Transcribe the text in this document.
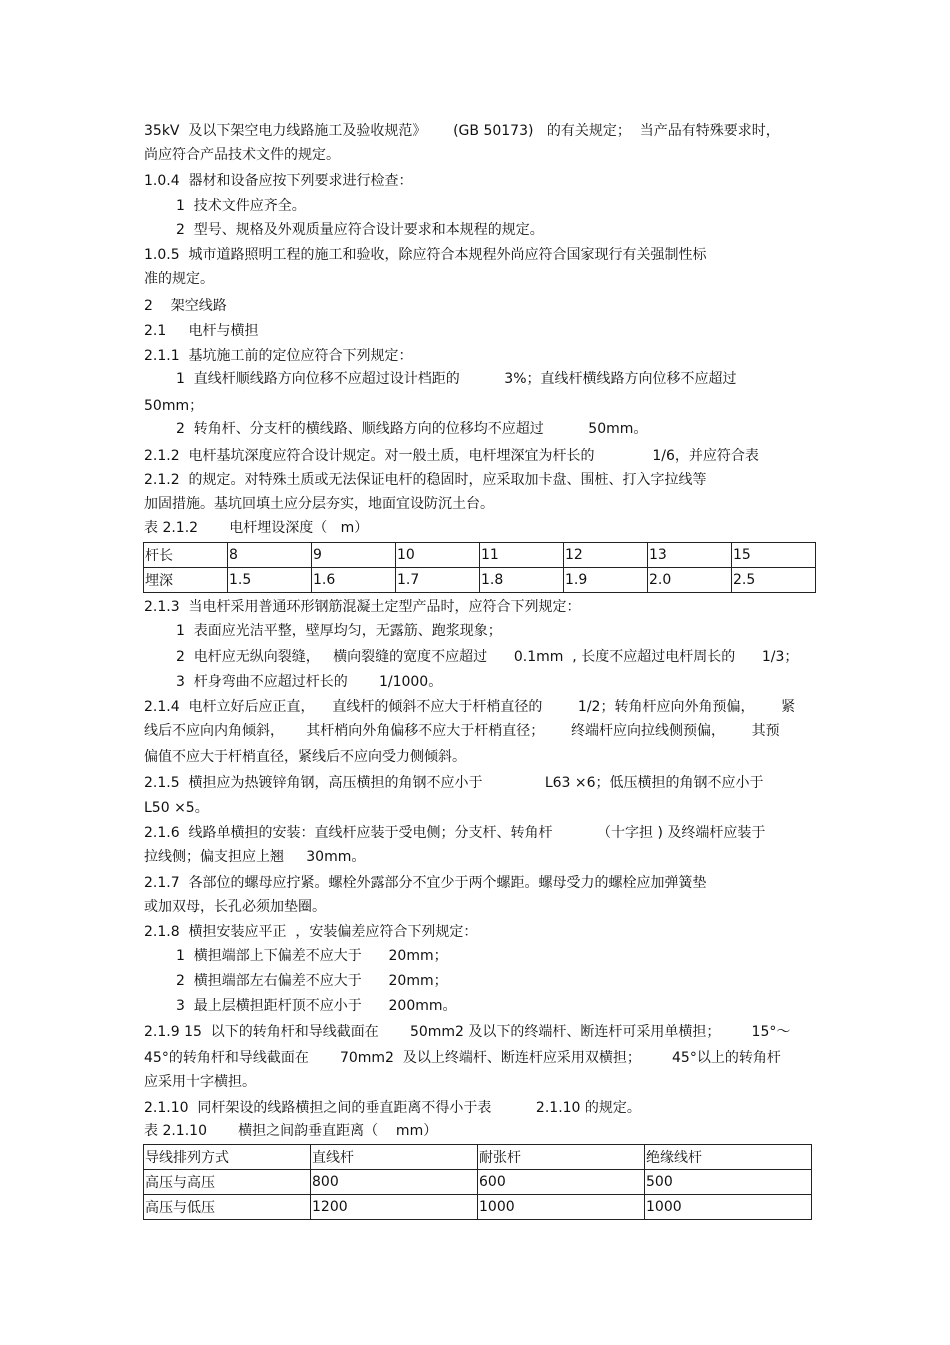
35kV  及以下架空电力线路施工及验收规范》      (GB 50173)   的有关规定；  当产品有特殊要求时，
尚应符合产品技术文件的规定。
1.0.4  器材和设备应按下列要求进行检查：
1  技术文件应齐全。
2  型号、规格及外观质量应符合设计要求和本规程的规定。
1.0.5  城市道路照明工程的施工和验收，除应符合本规程外尚应符合国家现行有关强制性标
准的规定。
2    架空线路
2.1     电杆与横担
2.1.1  基坑施工前的定位应符合下列规定：
1  直线杆顺线路方向位移不应超过设计档距的          3%；直线杆横线路方向位移不应超过
50mm；
2  转角杆、分支杆的横线路、顺线路方向的位移均不应超过          50mm。
2.1.2  电杆基坑深度应符合设计规定。对一般土质，电杆埋深宜为杆长的             1/6，并应符合表
2.1.2  的规定。对特殊土质或无法保证电杆的稳固时，应采取加卡盘、围桩、打入字拉线等
加固措施。基坑回填土应分层夯实，地面宜设防沉土台。
表 2.1.2       电杆埋设深度（   m）
杆长	8	9	10	11	12	13	15
埋深	1.5	1.6	1.7	1.8	1.9	2.0	2.5
2.1.3  当电杆采用普通环形钢筋混凝土定型产品时，应符合下列规定：
1  表面应光洁平整，壁厚均匀，无露筋、跑浆现象；
2  电杆应无纵向裂缝，   横向裂缝的宽度不应超过      0.1mm  , 长度不应超过电杆周长的      1/3；
3  杆身弯曲不应超过杆长的       1/1000。
2.1.4  电杆立好后应正直，    直线杆的倾斜不应大于杆梢直径的        1/2；转角杆应向外角预偏，      紧
线后不应向内角倾斜，     其杆梢向外角偏移不应大于杆梢直径；      终端杆应向拉线侧预偏，      其预
偏值不应大于杆梢直径，紧线后不应向受力侧倾斜。
2.1.5  横担应为热镀锌角钢，高压横担的角钢不应小于              L63 ×6；低压横担的角钢不应小于
L50 ×5。
2.1.6  线路单横担的安装：直线杆应装于受电侧；分支杆、转角杆          （十字担 ) 及终端杆应装于
拉线侧；偏支担应上翘     30mm。
2.1.7  各部位的螺母应拧紧。螺栓外露部分不宜少于两个螺距。螺母受力的螺栓应加弹簧垫
或加双母，长孔必须加垫圈。
2.1.8  横担安装应平正  ，安装偏差应符合下列规定：
1  横担端部上下偏差不应大于      20mm；
2  横担端部左右偏差不应大于      20mm；
3  最上层横担距杆顶不应小于      200mm。
2.1.9 15  以下的转角杆和导线截面在       50mm2 及以下的终端杆、断连杆可采用单横担；       15°～
45°的转角杆和导线截面在       70mm2  及以上终端杆、断连杆应采用双横担；       45°以上的转角杆
应采用十字横担。
2.1.10  同杆架设的线路横担之间的垂直距离不得小于表          2.1.10 的规定。
表 2.1.10       横担之间韵垂直距离（    mm）
导线排列方式	直线杆	耐张杆	绝缘线杆
高压与高压	800	600	500
高压与低压	1200	1000	1000
